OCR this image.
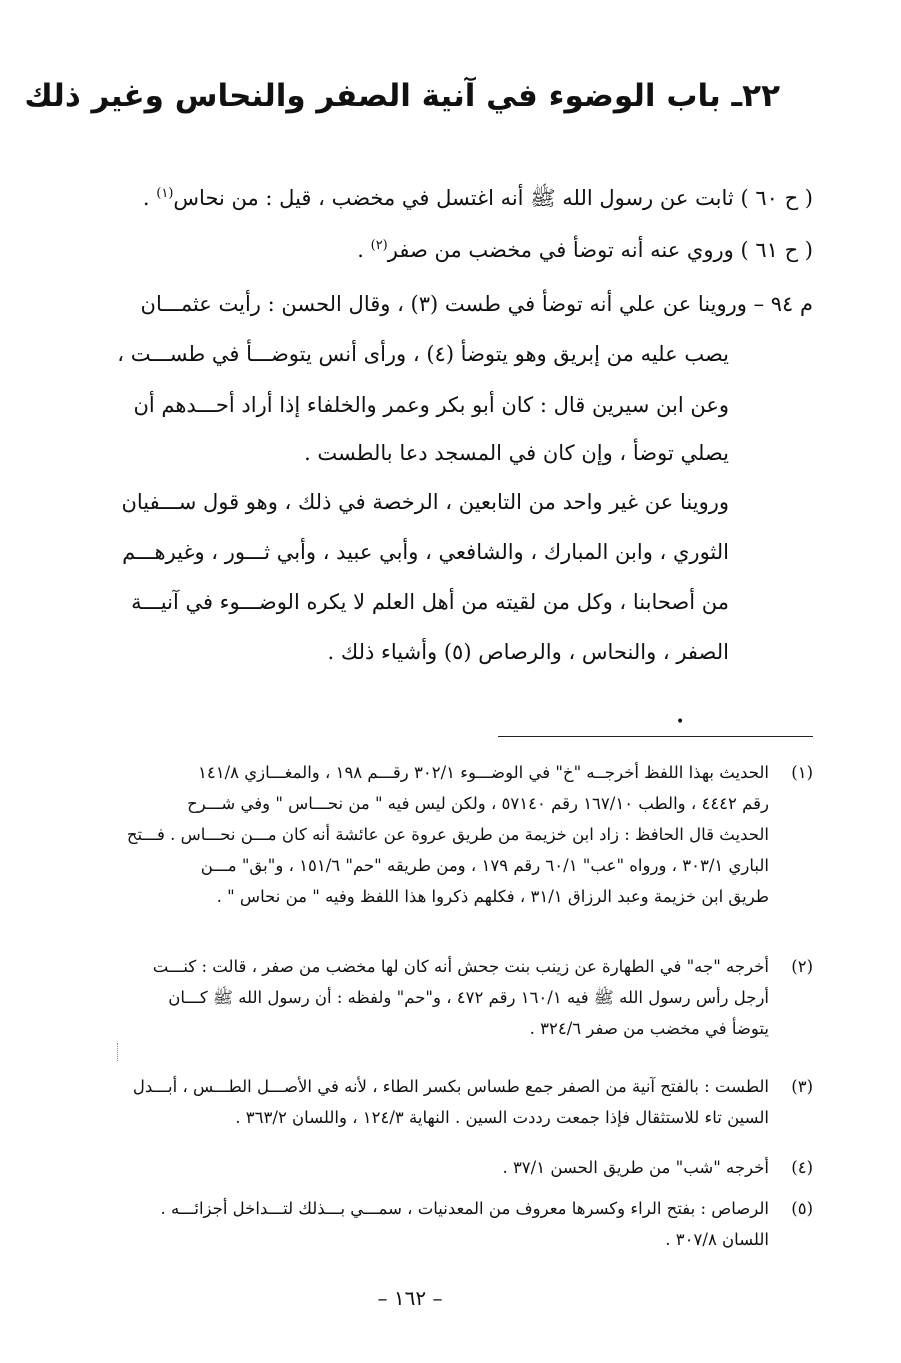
٢٢ـ باب الوضوء في آنية الصفر والنحاس وغير ذلك
( ح ٦٠ ) ثابت عن رسول الله ﷺ أنه اغتسل في مخضب ، قيل : من نحاس$^{(١)}$ .
( ح ٦١ ) وروي عنه أنه توضأ في مخضب من صفر$^{(٢)}$ .
م ٩٤ – وروينا عن علي أنه توضأ في طست (٣) ، وقال الحسن : رأيت عثمـــان
يصب عليه من إبريق وهو يتوضأ (٤) ، ورأى أنس يتوضـــأ في طســـت ،
وعن ابن سيرين قال : كان أبو بكر وعمر والخلفاء إذا أراد أحـــدهم أن
يصلي توضأ ، وإن كان في المسجد دعا بالطست .
وروينا عن غير واحد من التابعين ، الرخصة في ذلك ، وهو قول ســـفيان
الثوري ، وابن المبارك ، والشافعي ، وأبي عبيد ، وأبي ثـــور ، وغيرهـــم
من أصحابنا ، وكل من لقيته من أهل العلم لا يكره الوضـــوء في آنيـــة
الصفر ، والنحاس ، والرصاص (٥) وأشياء ذلك .
•
(١)
الحديث بهذا اللفظ أخرجــه "خ" في الوضـــوء ٣٠٢/١ رقـــم ١٩٨ ، والمغـــازي ١٤١/٨
رقم ٤٤٤٢ ، والطب ١٦٧/١٠ رقم ٥٧١٤٠ ، ولكن ليس فيه " من نحـــاس " وفي شـــرح
الحديث قال الحافظ : زاد ابن خزيمة من طريق عروة عن عائشة أنه كان مـــن نحـــاس . فـــتح
الباري ٣٠٣/١ ، ورواه "عب" ٦٠/١ رقم ١٧٩ ، ومن طريقه "حم" ١٥١/٦ ، و"بق" مـــن
طريق ابن خزيمة وعبد الرزاق ٣١/١ ، فكلهم ذكروا هذا اللفظ وفيه " من نحاس " .
(٢)
أخرجه "جه" في الطهارة عن زينب بنت جحش أنه كان لها مخضب من صفر ، قالت : كنـــت
أرجل رأس رسول الله ﷺ فيه ١٦٠/١ رقم ٤٧٢ ، و"حم" ولفظه : أن رسول الله ﷺ كـــان
يتوضأ في مخضب من صفر ٣٢٤/٦ .
(٣)
الطست : بالفتح آنية من الصفر جمع طساس بكسر الطاء ، لأنه في الأصـــل الطـــس ، أبـــدل
السين تاء للاستثقال فإذا جمعت رددت السين . النهاية ١٢٤/٣ ، واللسان ٣٦٣/٢ .
(٤)
أخرجه "شب" من طريق الحسن ٣٧/١ .
(٥)
الرصاص : بفتح الراء وكسرها معروف من المعدنيات ، سمـــي بـــذلك لتـــداخل أجزائـــه .
اللسان ٣٠٧/٨ .
– ١٦٢ –
